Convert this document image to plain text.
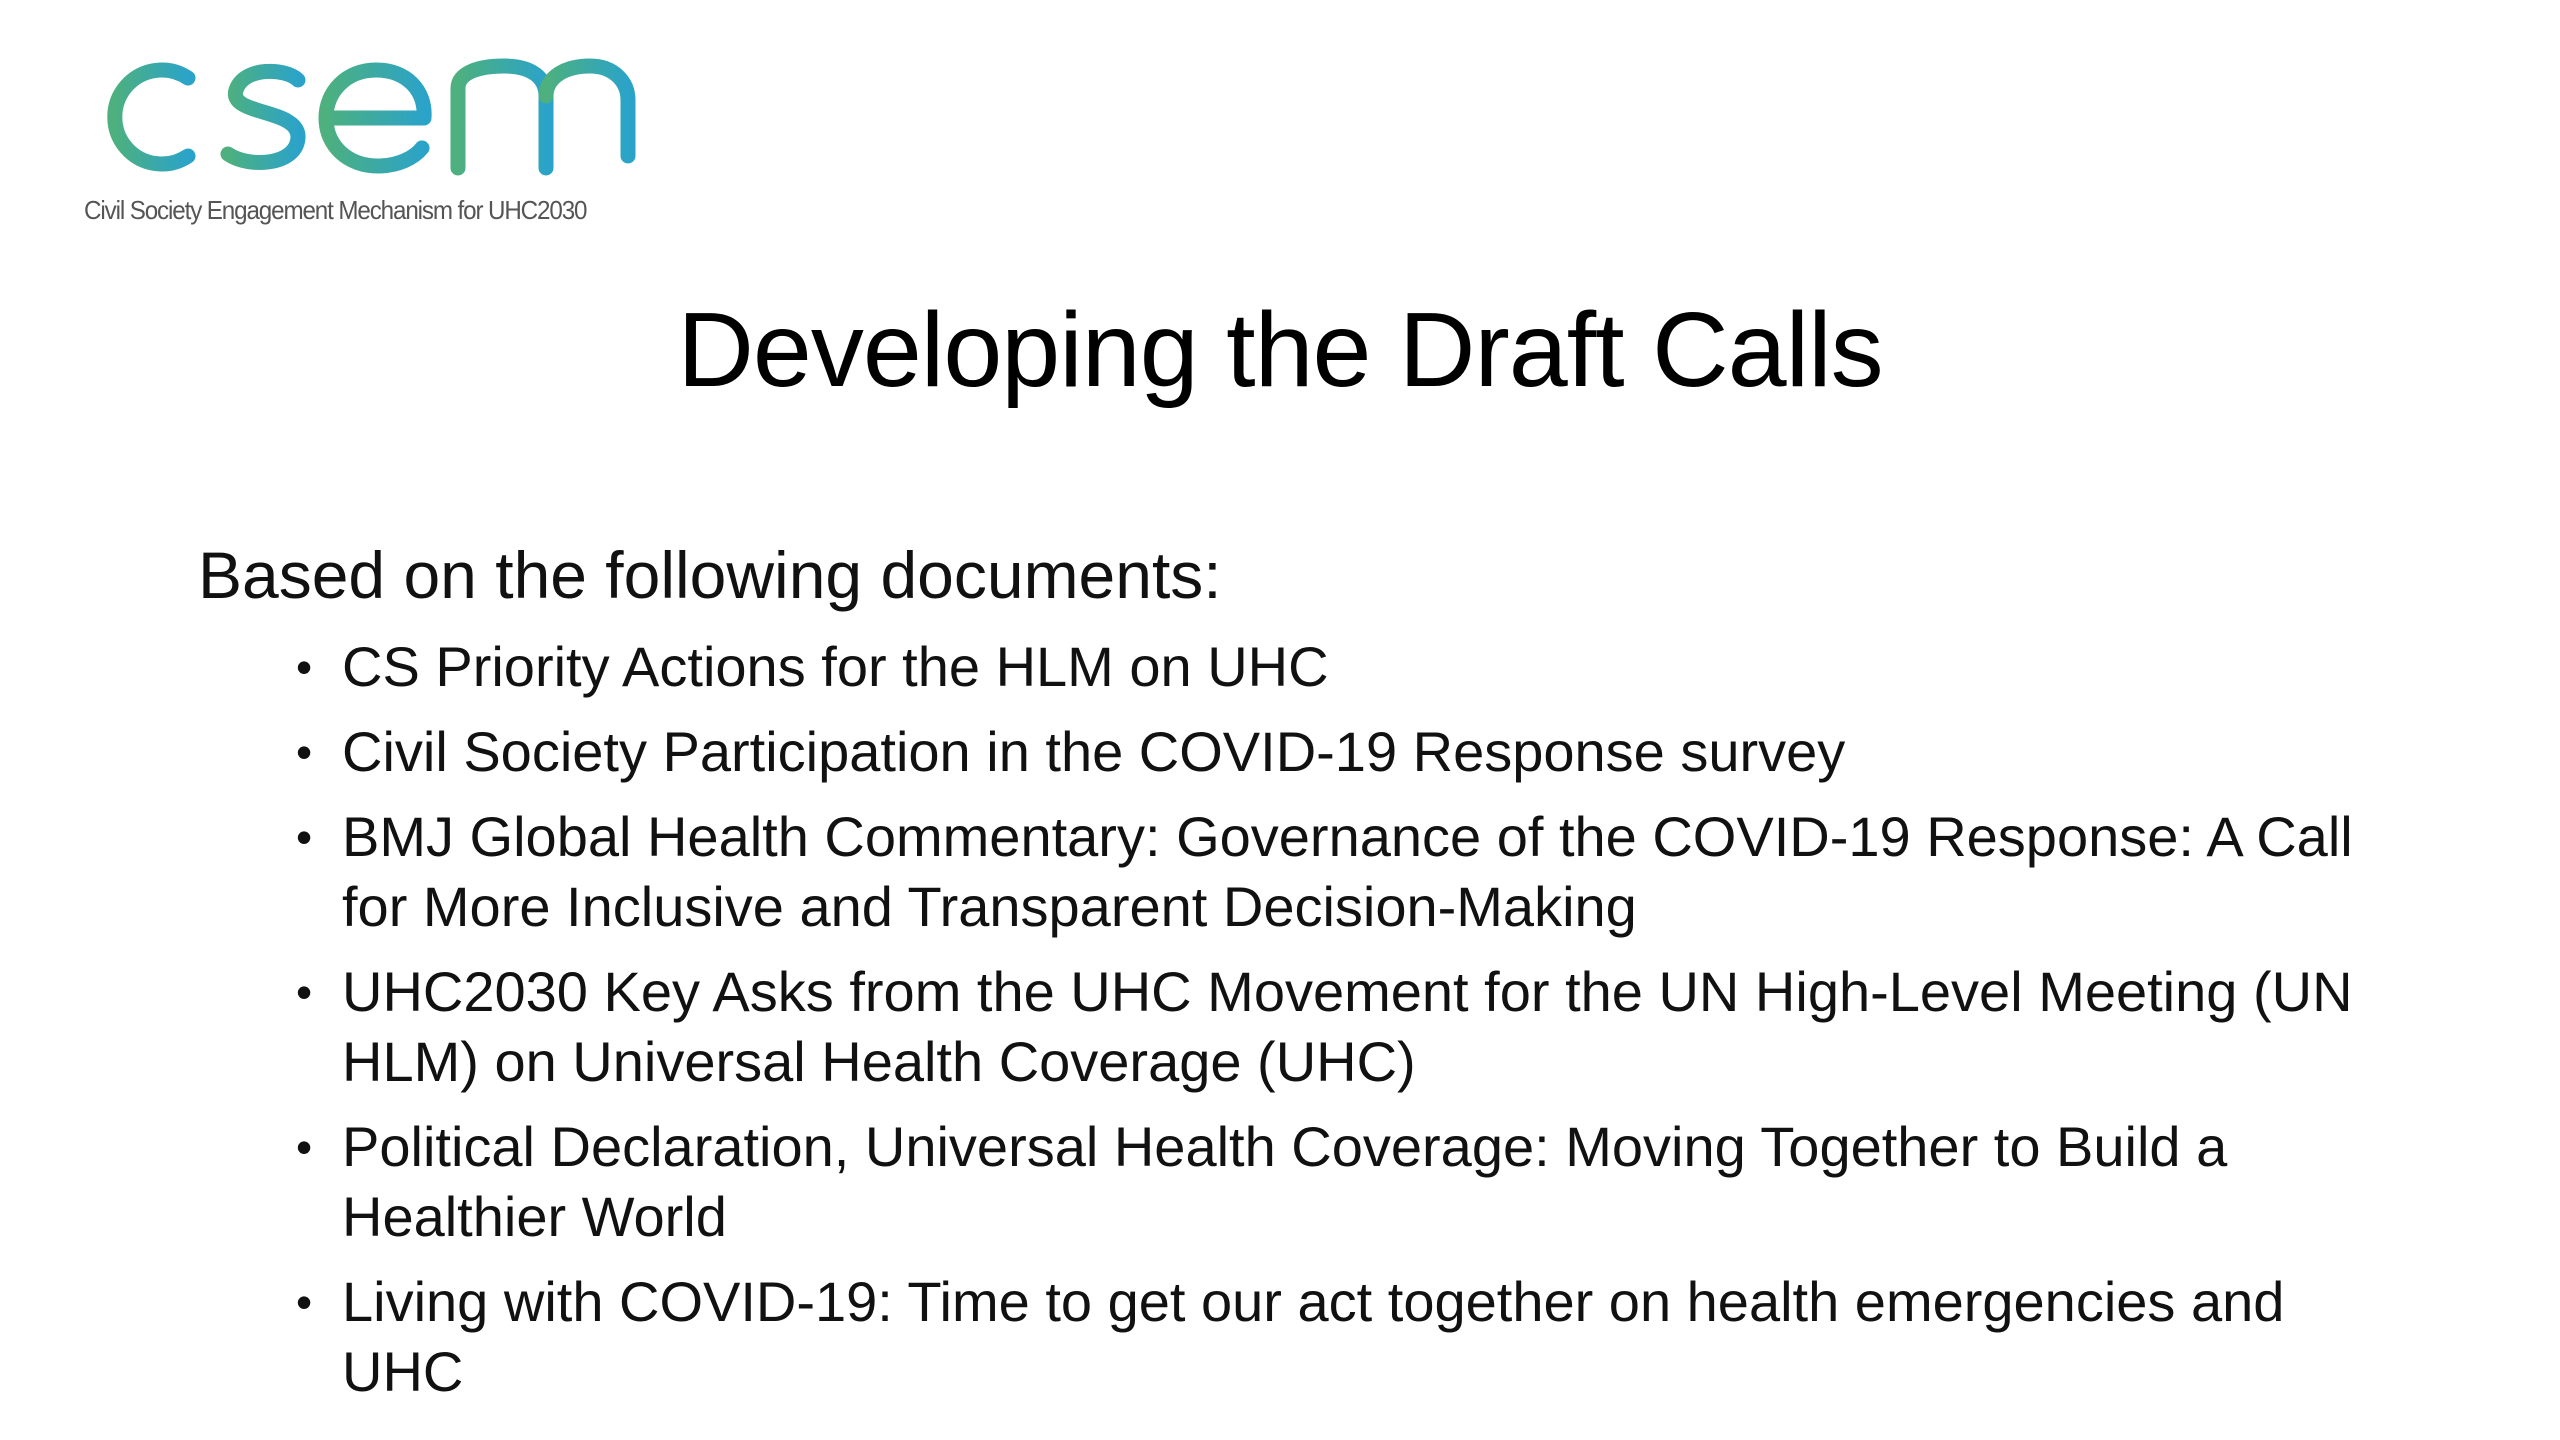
Civil Society Engagement Mechanism for UHC2030
Developing the Draft Calls

Based on the following documents:

• CS Priority Actions for the HLM on UHC
• Civil Society Participation in the COVID-19 Response survey
• BMJ Global Health Commentary: Governance of the COVID-19 Response: A Call for More Inclusive and Transparent Decision-Making
• UHC2030 Key Asks from the UHC Movement for the UN High-Level Meeting (UN HLM) on Universal Health Coverage (UHC)
• Political Declaration, Universal Health Coverage: Moving Together to Build a Healthier World
• Living with COVID-19: Time to get our act together on health emergencies and UHC
